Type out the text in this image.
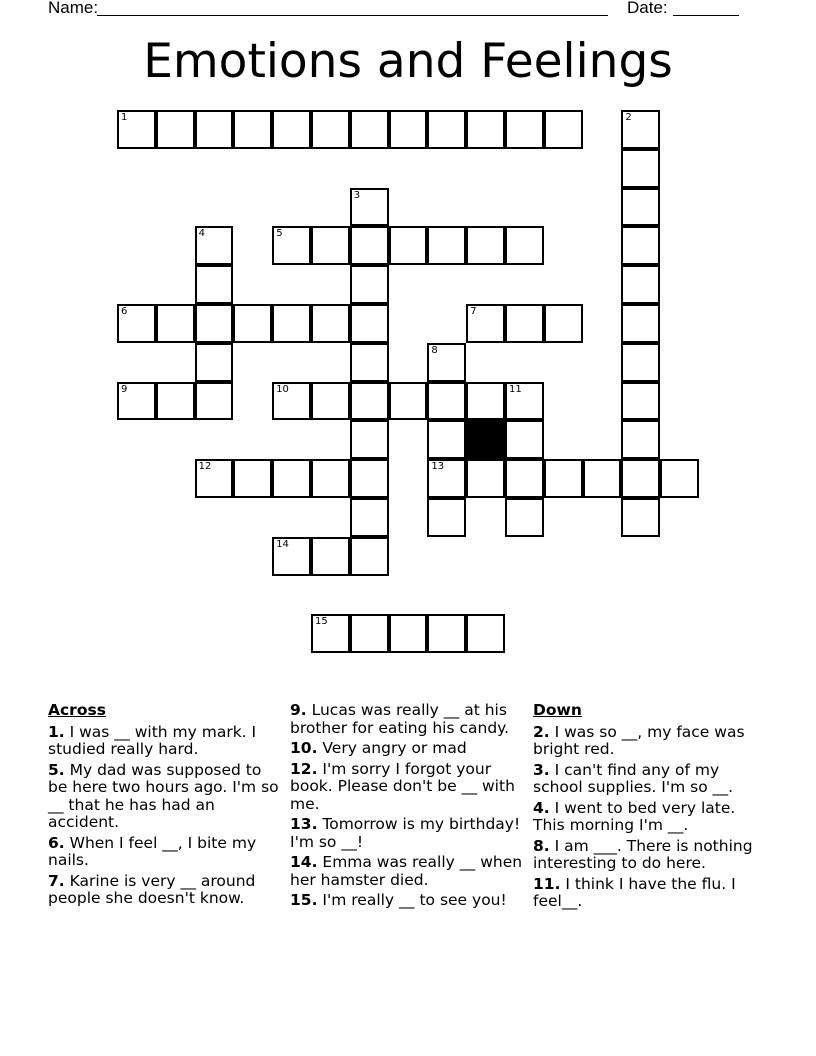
Name:	Date:
Emotions and Feelings
1	2
3
4	5
6	7
8
9	10	11
12	13
14
15
Across
1. I was __ with my mark. I studied really hard.
5. My dad was supposed to be here two hours ago. I'm so __ that he has had an accident.
6. When I feel __, I bite my nails.
7. Karine is very __ around people she doesn't know.
9. Lucas was really __ at his brother for eating his candy.
10. Very angry or mad
12. I'm sorry I forgot your book. Please don't be __ with me.
13. Tomorrow is my birthday! I'm so __!
14. Emma was really __ when her hamster died.
15. I'm really __ to see you!
Down
2. I was so __, my face was bright red.
3. I can't find any of my school supplies. I'm so __.
4. I went to bed very late. This morning I'm __.
8. I am ___. There is nothing interesting to do here.
11. I think I have the flu. I feel__.
